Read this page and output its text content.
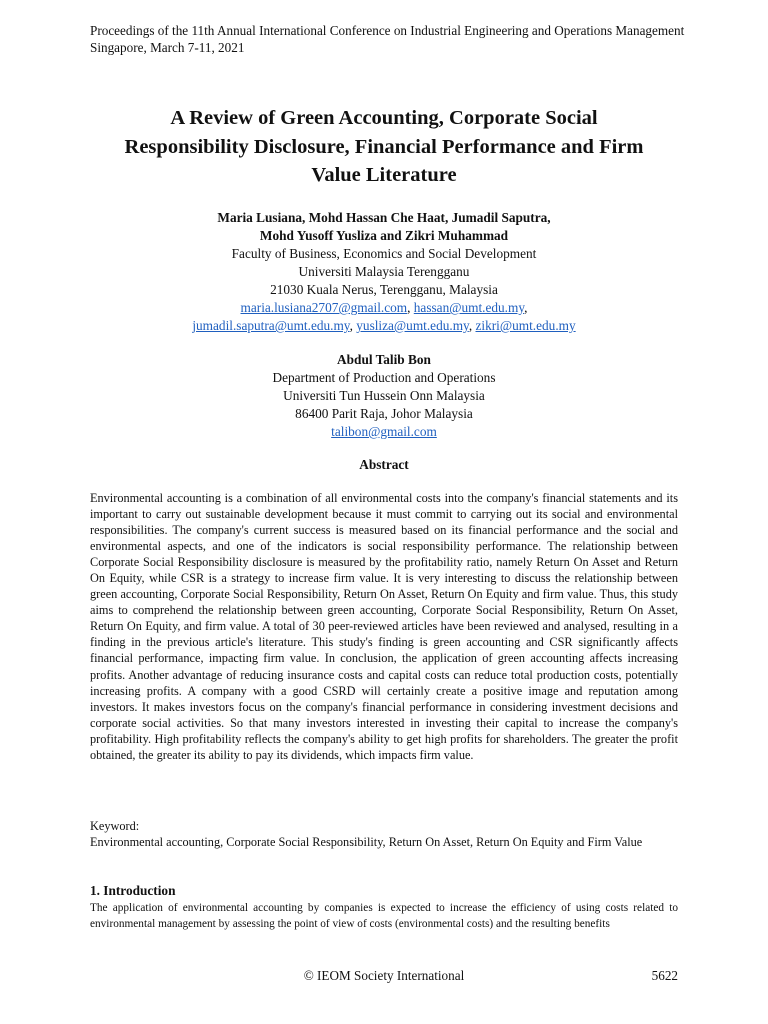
Proceedings of the 11th Annual International Conference on Industrial Engineering and Operations Management
Singapore, March 7-11, 2021
A Review of Green Accounting, Corporate Social
Responsibility Disclosure, Financial Performance and Firm
Value Literature
Maria Lusiana, Mohd Hassan Che Haat, Jumadil Saputra,
Mohd Yusoff Yusliza and Zikri Muhammad
Faculty of Business, Economics and Social Development
Universiti Malaysia Terengganu
21030 Kuala Nerus, Terengganu, Malaysia
maria.lusiana2707@gmail.com, hassan@umt.edu.my,
jumadil.saputra@umt.edu.my, yusliza@umt.edu.my, zikri@umt.edu.my
Abdul Talib Bon
Department of Production and Operations
Universiti Tun Hussein Onn Malaysia
86400 Parit Raja, Johor Malaysia
talibon@gmail.com
Abstract
Environmental accounting is a combination of all environmental costs into the company's financial statements and its important to carry out sustainable development because it must commit to carrying out its social and environmental responsibilities. The company's current success is measured based on its financial performance and the social and environmental aspects, and one of the indicators is social responsibility performance. The relationship between Corporate Social Responsibility disclosure is measured by the profitability ratio, namely Return On Asset and Return On Equity, while CSR is a strategy to increase firm value. It is very interesting to discuss the relationship between green accounting, Corporate Social Responsibility, Return On Asset, Return On Equity and firm value. Thus, this study aims to comprehend the relationship between green accounting, Corporate Social Responsibility, Return On Asset, Return On Equity, and firm value. A total of 30 peer-reviewed articles have been reviewed and analysed, resulting in a finding in the previous article's literature. This study's finding is green accounting and CSR significantly affects financial performance, impacting firm value. In conclusion, the application of green accounting affects increasing profits. Another advantage of reducing insurance costs and capital costs can reduce total production costs, potentially increasing profits. A company with a good CSRD will certainly create a positive image and reputation among investors. It makes investors focus on the company's financial performance in considering investment decisions and corporate social activities. So that many investors interested in investing their capital to increase the company's profitability. High profitability reflects the company's ability to get high profits for shareholders. The greater the profit obtained, the greater its ability to pay its dividends, which impacts firm value.
Keyword:
Environmental accounting, Corporate Social Responsibility, Return On Asset, Return On Equity and Firm Value
1. Introduction
The application of environmental accounting by companies is expected to increase the efficiency of using costs related to environmental management by assessing the point of view of costs (environmental costs) and the resulting benefits
© IEOM Society International	5622
